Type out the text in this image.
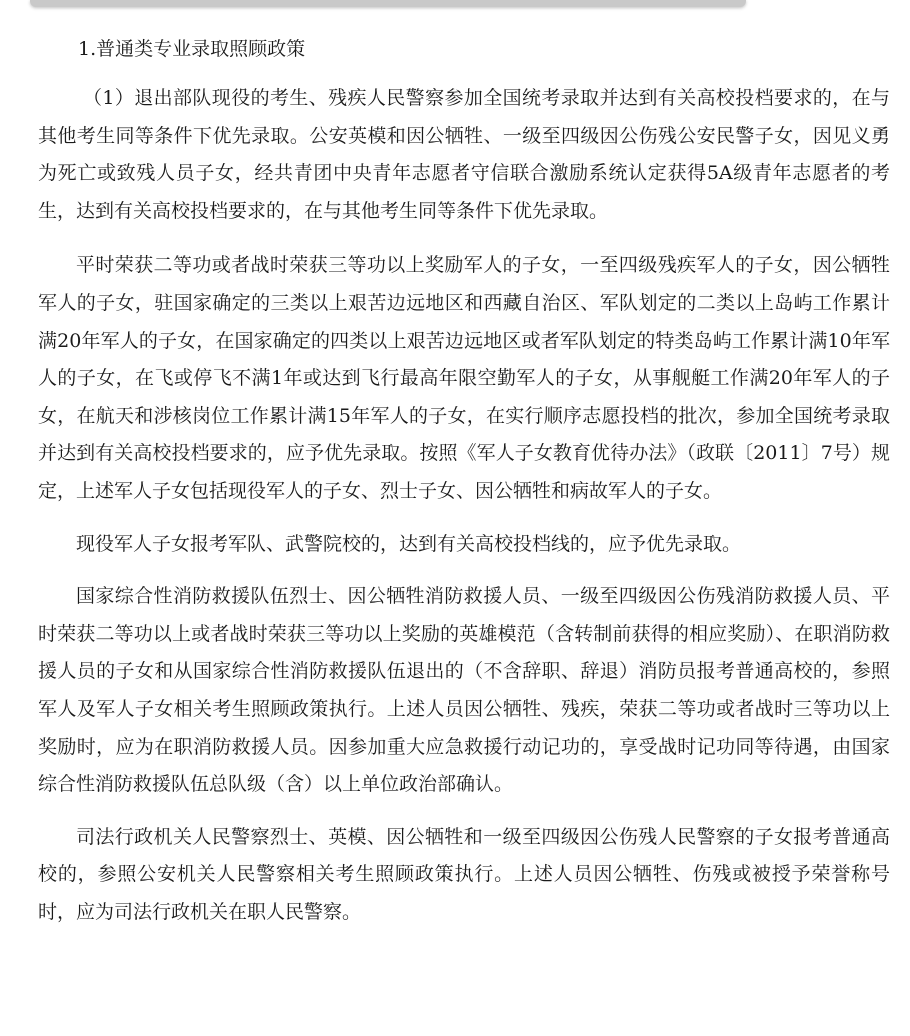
1.普通类专业录取照顾政策

（1）退出部队现役的考生、残疾人民警察参加全国统考录取并达到有关高校投档要求的，在与其他考生同等条件下优先录取。公安英模和因公牺牲、一级至四级因公伤残公安民警子女，因见义勇为死亡或致残人员子女，经共青团中央青年志愿者守信联合激励系统认定获得5A级青年志愿者的考生，达到有关高校投档要求的，在与其他考生同等条件下优先录取。

平时荣获二等功或者战时荣获三等功以上奖励军人的子女，一至四级残疾军人的子女，因公牺牲军人的子女，驻国家确定的三类以上艰苦边远地区和西藏自治区、军队划定的二类以上岛屿工作累计满20年军人的子女，在国家确定的四类以上艰苦边远地区或者军队划定的特类岛屿工作累计满10年军人的子女，在飞或停飞不满1年或达到飞行最高年限空勤军人的子女，从事舰艇工作满20年军人的子女，在航天和涉核岗位工作累计满15年军人的子女，在实行顺序志愿投档的批次，参加全国统考录取并达到有关高校投档要求的，应予优先录取。按照《军人子女教育优待办法》（政联〔2011〕7号）规定，上述军人子女包括现役军人的子女、烈士子女、因公牺牲和病故军人的子女。

现役军人子女报考军队、武警院校的，达到有关高校投档线的，应予优先录取。

国家综合性消防救援队伍烈士、因公牺牲消防救援人员、一级至四级因公伤残消防救援人员、平时荣获二等功以上或者战时荣获三等功以上奖励的英雄模范（含转制前获得的相应奖励）、在职消防救援人员的子女和从国家综合性消防救援队伍退出的（不含辞职、辞退）消防员报考普通高校的，参照军人及军人子女相关考生照顾政策执行。上述人员因公牺牲、残疾，荣获二等功或者战时三等功以上奖励时，应为在职消防救援人员。因参加重大应急救援行动记功的，享受战时记功同等待遇，由国家综合性消防救援队伍总队级（含）以上单位政治部确认。

司法行政机关人民警察烈士、英模、因公牺牲和一级至四级因公伤残人民警察的子女报考普通高校的，参照公安机关人民警察相关考生照顾政策执行。上述人员因公牺牲、伤残或被授予荣誉称号时，应为司法行政机关在职人民警察。
